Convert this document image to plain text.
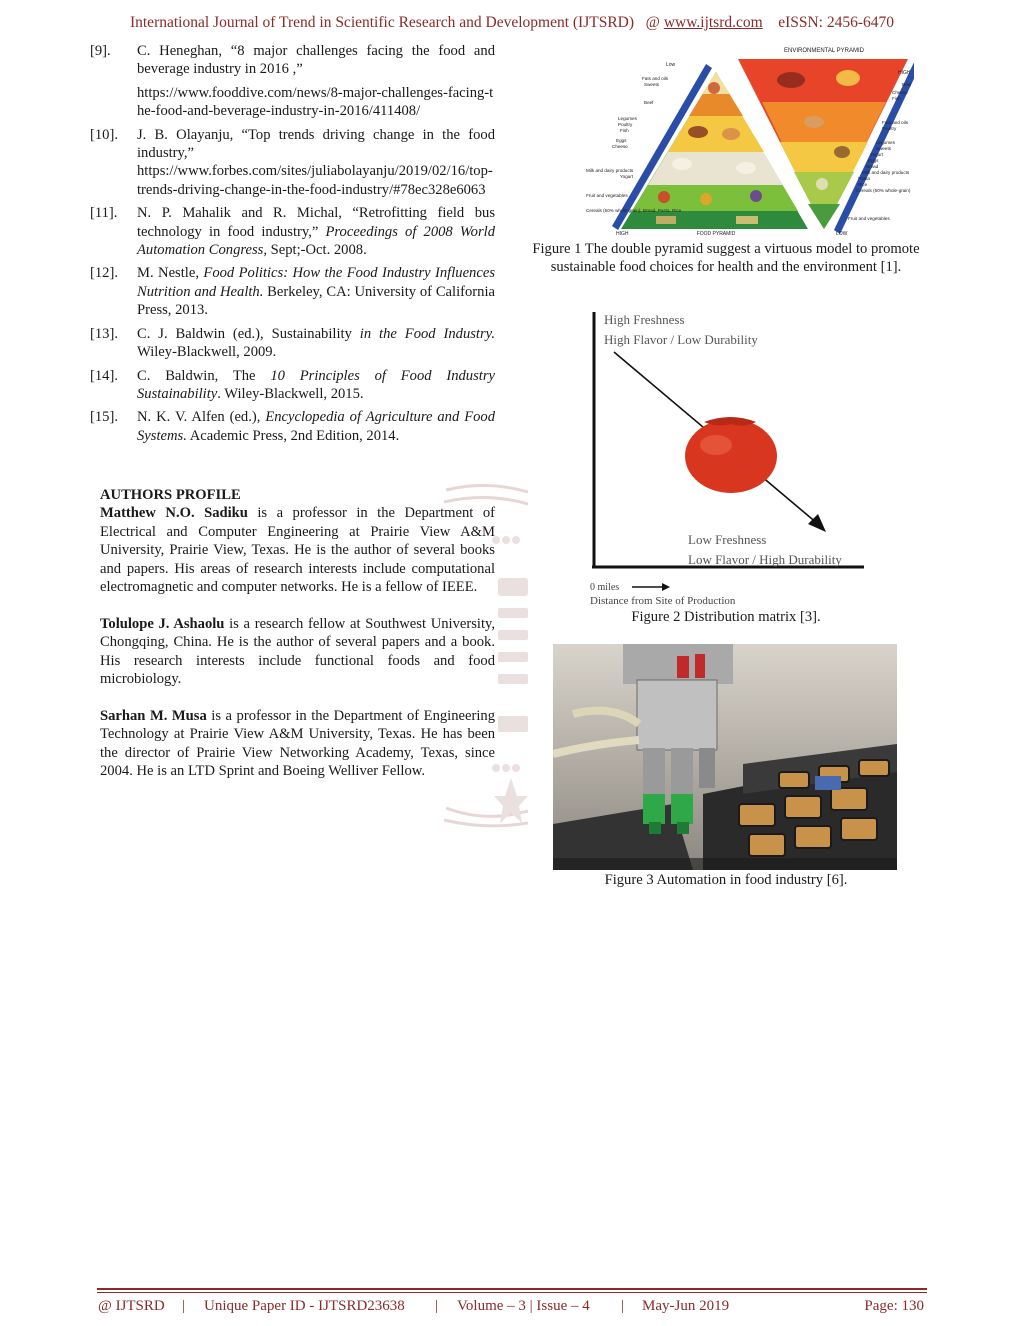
International Journal of Trend in Scientific Research and Development (IJTSRD) @ www.ijtsrd.com eISSN: 2456-6470
[9].	C. Heneghan, “8 major challenges facing the food and beverage industry in 2016 ,”

https://www.fooddive.com/news/8-major-challenges-facing-the-food-and-beverage-industry-in-2016/411408/

[10].	J. B. Olayanju, “Top trends driving change in the food industry,”

https://www.forbes.com/sites/juliabolayanju/2019/02/16/top-trends-driving-change-in-the-food-industry/#78ec328e6063

[11].	N. P. Mahalik and R. Michal, “Retrofitting field bus technology in food industry,” Proceedings of 2008 World Automation Congress, Sept;-Oct. 2008.

[12].	M. Nestle, Food Politics: How the Food Industry Influences Nutrition and Health. Berkeley, CA: University of California Press, 2013.

[13].	C. J. Baldwin (ed.), Sustainability in the Food Industry. Wiley-Blackwell, 2009.

[14].	C. Baldwin, The 10 Principles of Food Industry Sustainability. Wiley-Blackwell, 2015.

[15].	N. K. V. Alfen (ed.), Encyclopedia of Agriculture and Food Systems. Academic Press, 2nd Edition, 2014.

AUTHORS PROFILE

Matthew N.O. Sadiku is a professor in the Department of Electrical and Computer Engineering at Prairie View A&M University, Prairie View, Texas. He is the author of several books and papers. His areas of research interests include computational electromagnetic and computer networks. He is a fellow of IEEE.

Tolulope J. Ashaolu is a research fellow at Southwest University, Chongqing, China. He is the author of several papers and a book. His research interests include functional foods and food microbiology.

Sarhan M. Musa is a professor in the Department of Engineering Technology at Prairie View A&M University, Texas. He has been the director of Prairie View Networking Academy, Texas, since 2004. He is an LTD Sprint and Boeing Welliver Fellow.

ENVIRONMENTAL PYRAMID
FOOD PYRAMID
Low
HIGH	LOW
HIGH
Fats and oils
Sweets
Beef
Legumes
Poultry
Fish
Eggs
Cheese
Milk and dairy products
Yogurt
Fruit and vegetables
Cereals (50% whole-grain), Bread, Pasta, Rice
Beef
Cheese
Fish
Fats and oils
Poultry
Legumes
Sweets
Yogurt
Eggs
Bread
Milk and dairy products
Pasta
Rice
Cereals (50% whole-grain)
Fruit and vegetables
Figure 1 The double pyramid suggest a virtuous model to promote sustainable food choices for health and the environment [1].
High Freshness
High Flavor / Low Durability
Low Freshness
Low Flavor / High Durability
0 miles
Distance from Site of Production
Figure 2 Distribution matrix [3].
Figure 3 Automation in food industry [6].
@ IJTSRD | Unique Paper ID - IJTSRD23638 | Volume – 3 | Issue – 4 | May-Jun 2019	Page: 130
